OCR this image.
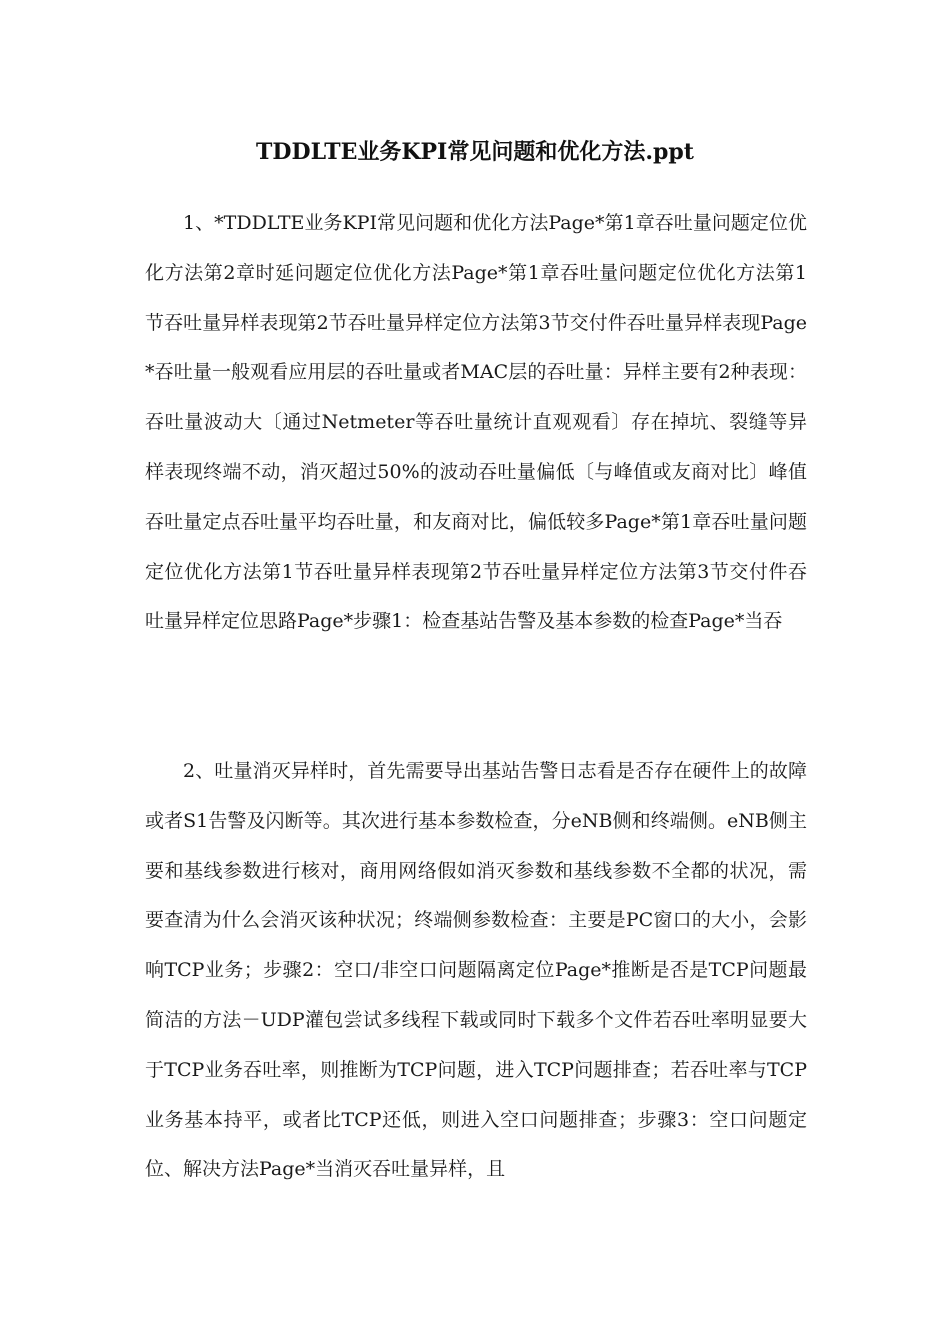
TDDLTE业务KPI常见问题和优化方法.ppt

1、*TDDLTE业务KPI常见问题和优化方法Page*第1章吞吐量问题定位优化方法第2章时延问题定位优化方法Page*第1章吞吐量问题定位优化方法第1节吞吐量异样表现第2节吞吐量异样定位方法第3节交付件吞吐量异样表现Page*吞吐量一般观看应用层的吞吐量或者MAC层的吞吐量：异样主要有2种表现：吞吐量波动大〔通过Netmeter等吞吐量统计直观观看〕存在掉坑、裂缝等异样表现终端不动，消灭超过50%的波动吞吐量偏低〔与峰值或友商对比〕峰值吞吐量定点吞吐量平均吞吐量，和友商对比，偏低较多Page*第1章吞吐量问题定位优化方法第1节吞吐量异样表现第2节吞吐量异样定位方法第3节交付件吞吐量异样定位思路Page*步骤1：检查基站告警及基本参数的检查Page*当吞

2、吐量消灭异样时，首先需要导出基站告警日志看是否存在硬件上的故障或者S1告警及闪断等。其次进行基本参数检查，分eNB侧和终端侧。eNB侧主要和基线参数进行核对，商用网络假如消灭参数和基线参数不全都的状况，需要查清为什么会消灭该种状况；终端侧参数检查：主要是PC窗口的大小，会影响TCP业务；步骤2：空口/非空口问题隔离定位Page*推断是否是TCP问题最简洁的方法－UDP灌包尝试多线程下载或同时下载多个文件若吞吐率明显要大于TCP业务吞吐率，则推断为TCP问题，进入TCP问题排查；若吞吐率与TCP业务基本持平，或者比TCP还低，则进入空口问题排查；步骤3：空口问题定位、解决方法Page*当消灭吞吐量异样，且
